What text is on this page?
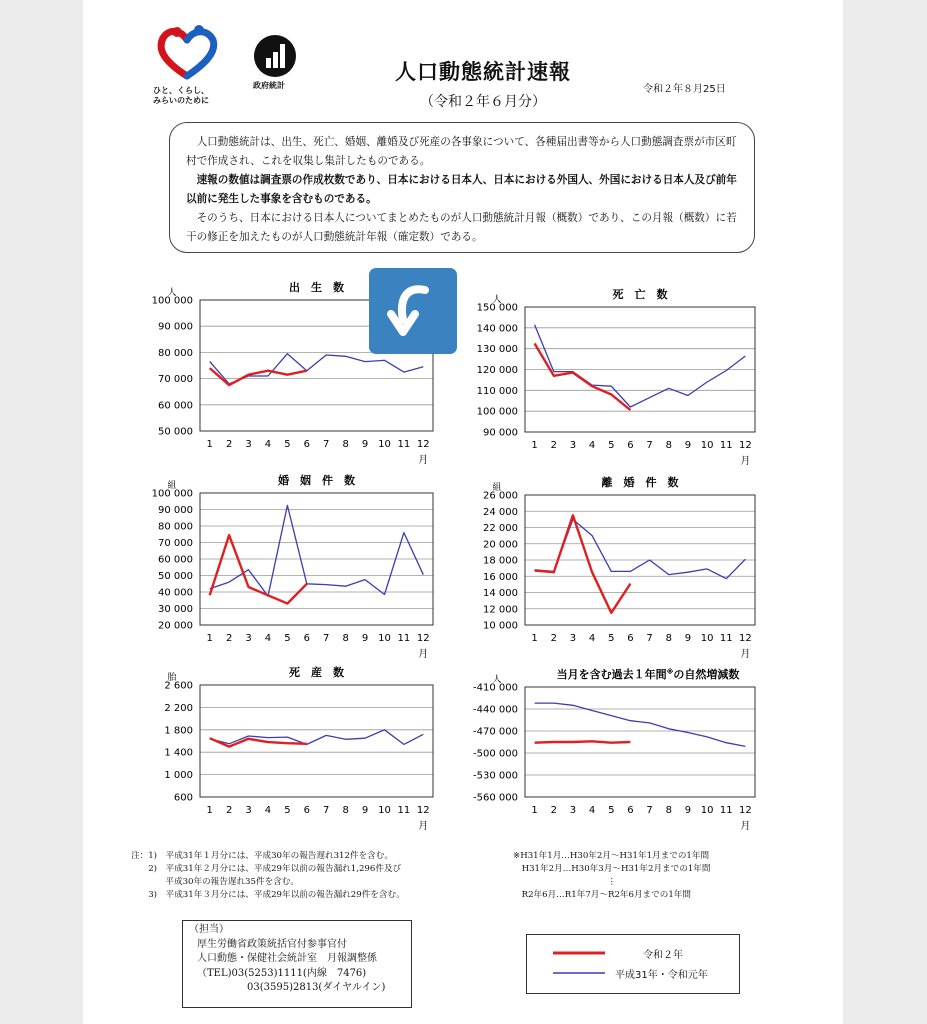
ひと、くらし、
みらいのために
政府統計
人口動態統計速報
（令和２年６月分）
令和２年８月25日

人口動態統計は、出生、死亡、婚姻、離婚及び死産の各事象について、各種届出書等から人口動態調査票が市区町村で作成され、これを収集し集計したものである。

速報の数値は調査票の作成枚数であり、日本における日本人、日本における外国人、外国における日本人及び前年以前に発生した事象を含むものである。

そのうち、日本における日本人についてまとめたものが人口動態統計月報（概数）であり、この月報（概数）に若干の修正を加えたものが人口動態統計年報（確定数）である。

50 000
60 000
70 000
80 000
90 000
100 000
1 2 3 4 5 6 7 8 9 10 11 12
月
人	出　生　数
90 000
100 000
110 000
120 000
130 000
140 000
150 000
1 2 3 4 5 6 7 8 9 10 11 12
月
人	死　亡　数
20 000
30 000
40 000
50 000
60 000
70 000
80 000
90 000
100 000
1 2 3 4 5 6 7 8 9 10 11 12
月
組	婚　姻　件　数
10 000
12 000
14 000
16 000
18 000
20 000
22 000
24 000
26 000
1 2 3 4 5 6 7 8 9 10 11 12
月
組	離　婚　件　数
600
1 000
1 400
1 800
2 200
2 600
1 2 3 4 5 6 7 8 9 10 11 12
月
胎	死　産　数
-560 000
-530 000
-500 000
-470 000
-440 000
-410 000
1 2 3 4 5 6 7 8 9 10 11 12
月
人	当月を含む過去１年間※の自然増減数
注：1)　平成31年１月分には、平成30年の報告遅れ312件を含む。
　　2)　平成31年２月分には、平成29年以前の報告漏れ1,296件及び
　　　　平成30年の報告遅れ35件を含む。
　　3)　平成31年３月分には、平成29年以前の報告漏れ29件を含む。
※H31年1月…H30年2月～H31年1月までの1年間
　H31年2月…H30年3月～H31年2月までの1年間
　　　　　　　　　　　⋮
　R2年6月…R1年7月～R2年6月までの1年間
（担当）
厚生労働省政策統括官付参事官付
人口動態・保健社会統計室　月報調整係
（TEL)03(5253)1111(内線　7476)
03(3595)2813(ダイヤルイン)
令和２年
平成31年・令和元年
